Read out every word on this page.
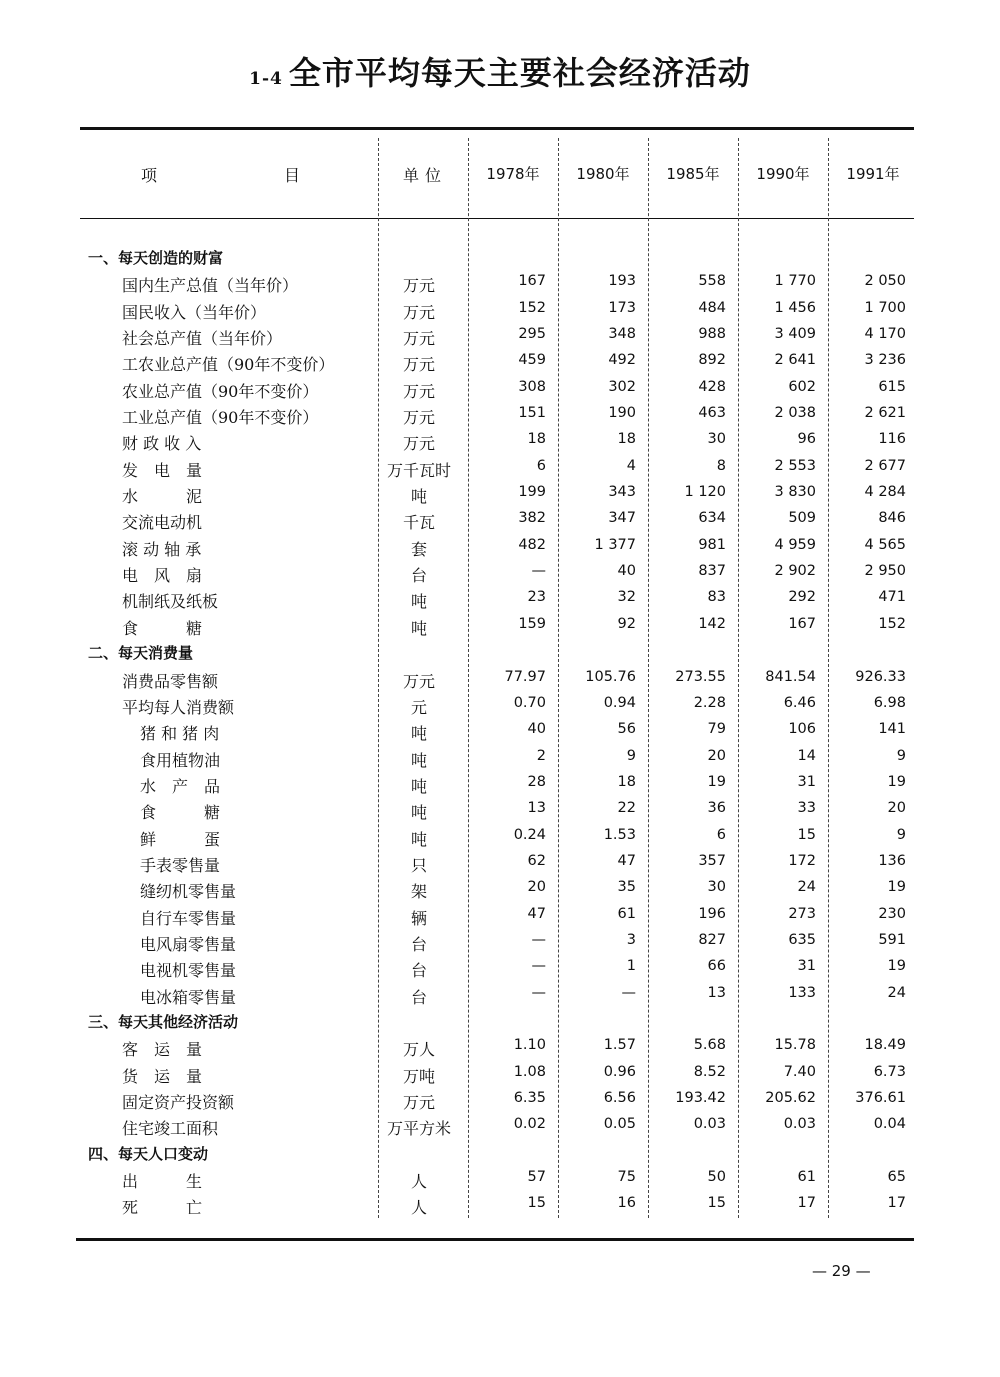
1-4 全市平均每天主要社会经济活动
项	目	单位	1978年	1980年	1985年	1990年	1991年
一、每天创造的财富
国内生产总值（当年价）	万元	167	193	558	1 770	2 050
国民收入（当年价）	万元	152	173	484	1 456	1 700
社会总产值（当年价）	万元	295	348	988	3 409	4 170
工农业总产值（90年不变价）	万元	459	492	892	2 641	3 236
农业总产值（90年不变价）	万元	308	302	428	602	615
工业总产值（90年不变价）	万元	151	190	463	2 038	2 621
财 政 收 入	万元	18	18	30	96	116
发　电　量	万千瓦时	6	4	8	2 553	2 677
水　　　泥	吨	199	343	1 120	3 830	4 284
交流电动机	千瓦	382	347	634	509	846
滚 动 轴 承	套	482	1 377	981	4 959	4 565
电　风　扇	台	—	40	837	2 902	2 950
机制纸及纸板	吨	23	32	83	292	471
食　　　糖	吨	159	92	142	167	152
二、每天消费量
消费品零售额	万元	77.97	105.76	273.55	841.54	926.33
平均每人消费额	元	0.70	0.94	2.28	6.46	6.98
猪 和 猪 肉	吨	40	56	79	106	141
食用植物油	吨	2	9	20	14	9
水　产　品	吨	28	18	19	31	19
食　　　糖	吨	13	22	36	33	20
鲜　　　蛋	吨	0.24	1.53	6	15	9
手表零售量	只	62	47	357	172	136
缝纫机零售量	架	20	35	30	24	19
自行车零售量	辆	47	61	196	273	230
电风扇零售量	台	—	3	827	635	591
电视机零售量	台	—	1	66	31	19
电冰箱零售量	台	—	—	13	133	24
三、每天其他经济活动
客　运　量	万人	1.10	1.57	5.68	15.78	18.49
货　运　量	万吨	1.08	0.96	8.52	7.40	6.73
固定资产投资额	万元	6.35	6.56	193.42	205.62	376.61
住宅竣工面积	万平方米	0.02	0.05	0.03	0.03	0.04
四、每天人口变动
出　　　生	人	57	75	50	61	65
死　　　亡	人	15	16	15	17	17
— 29 —
